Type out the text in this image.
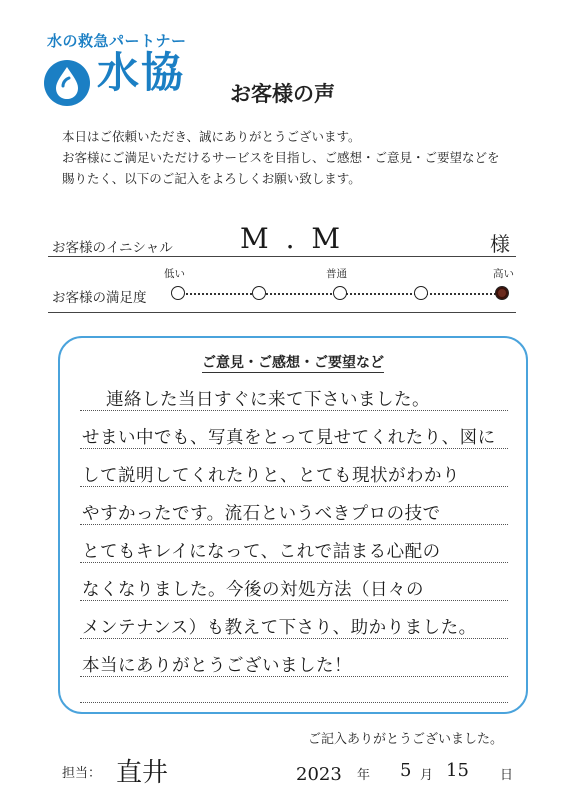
水の救急パートナー
水協 お客様の声
本日はご依頼いただき、誠にありがとうございます。
お客様にご満足いただけるサービスを目指し、ご感想・ご意見・ご要望などを
賜りたく、以下のご記入をよろしくお願い致します。
お客様のイニシャル M . M	様
お客様の満足度
低い	普通	高い
ご意見・ご感想・ご要望など
連絡した当日すぐに来て下さいました。
せまい中でも、写真をとって見せてくれたり、図に
して説明してくれたりと、とても現状がわかり
やすかったです。流石というべきプロの技で
とてもキレイになって、これで詰まる心配の
なくなりました。今後の対処方法（日々の
メンテナンス）も教えて下さり、助かりました。
本当にありがとうございました！
ご記入ありがとうございました。
担当： 直井	2023 年 5 月 15 日
